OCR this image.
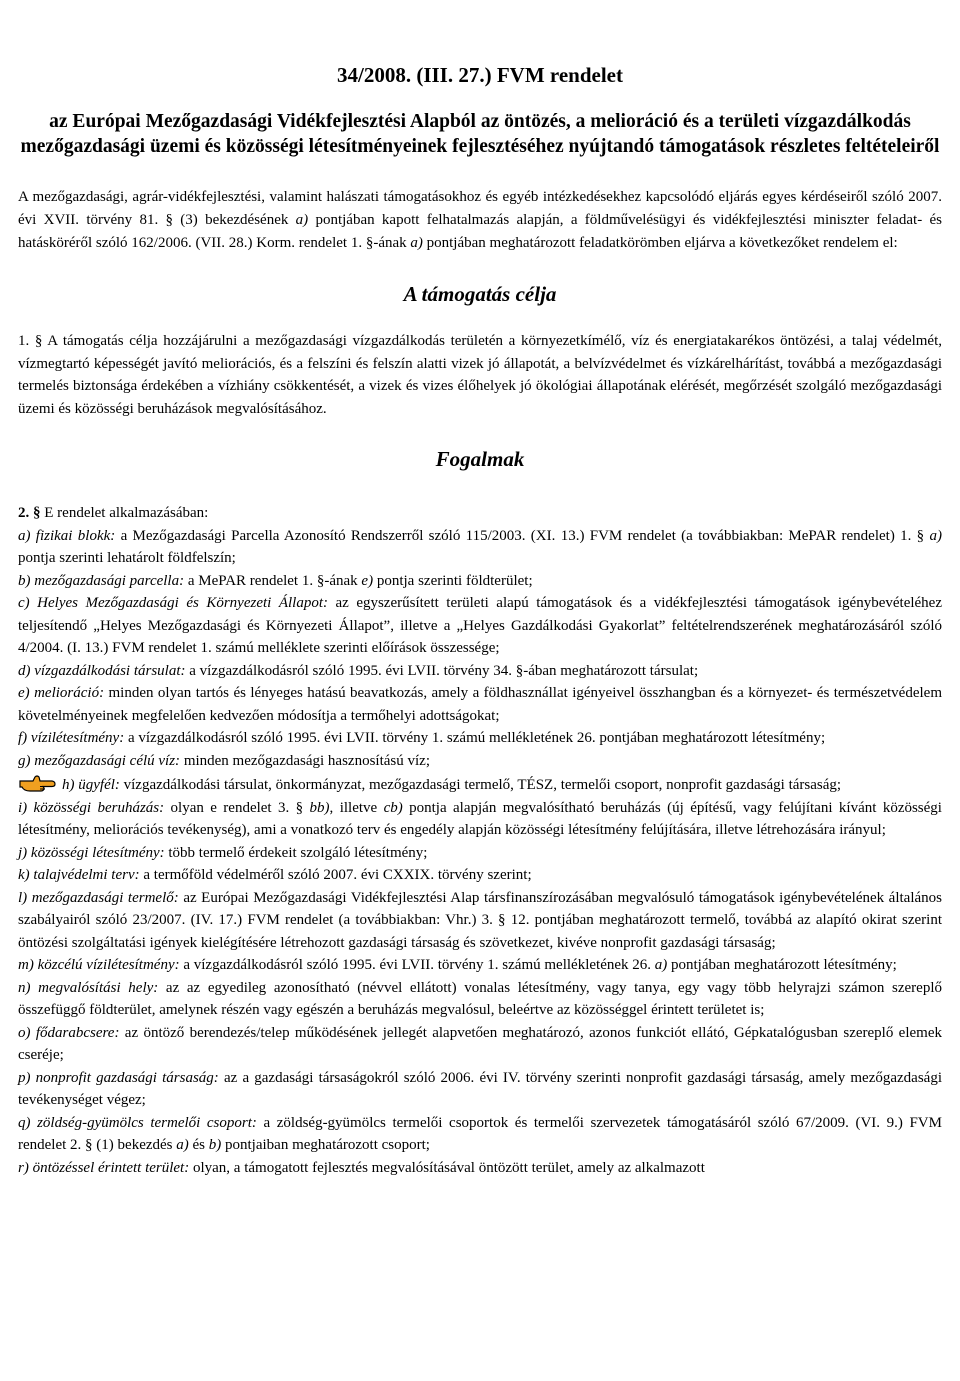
34/2008. (III. 27.) FVM rendelet
az Európai Mezőgazdasági Vidékfejlesztési Alapból az öntözés, a melioráció és a területi vízgazdálkodás mezőgazdasági üzemi és közösségi létesítményeinek fejlesztéséhez nyújtandó támogatások részletes feltételeiről

A mezőgazdasági, agrár-vidékfejlesztési, valamint halászati támogatásokhoz és egyéb intézkedésekhez kapcsolódó eljárás egyes kérdéseiről szóló 2007. évi XVII. törvény 81. § (3) bekezdésének a) pontjában kapott felhatalmazás alapján, a földművelésügyi és vidékfejlesztési miniszter feladat- és hatásköréről szóló 162/2006. (VII. 28.) Korm. rendelet 1. §-ának a) pontjában meghatározott feladatkörömben eljárva a következőket rendelem el:

A támogatás célja

1. § A támogatás célja hozzájárulni a mezőgazdasági vízgazdálkodás területén a környezetkímélő, víz és energiatakarékos öntözési, a talaj védelmét, vízmegtartó képességét javító meliorációs, és a felszíni és felszín alatti vizek jó állapotát, a belvízvédelmet és vízkárelhárítást, továbbá a mezőgazdasági termelés biztonsága érdekében a vízhiány csökkentését, a vizek és vizes élőhelyek jó ökológiai állapotának elérését, megőrzését szolgáló mezőgazdasági üzemi és közösségi beruházások megvalósításához.

Fogalmak

2. § E rendelet alkalmazásában:

a) fizikai blokk: a Mezőgazdasági Parcella Azonosító Rendszerről szóló 115/2003. (XI. 13.) FVM rendelet (a továbbiakban: MePAR rendelet) 1. § a) pontja szerinti lehatárolt földfelszín;

b) mezőgazdasági parcella: a MePAR rendelet 1. §-ának e) pontja szerinti földterület;

c) Helyes Mezőgazdasági és Környezeti Állapot: az egyszerűsített területi alapú támogatások és a vidékfejlesztési támogatások igénybevételéhez teljesítendő „Helyes Mezőgazdasági és Környezeti Állapot”, illetve a „Helyes Gazdálkodási Gyakorlat” feltételrendszerének meghatározásáról szóló 4/2004. (I. 13.) FVM rendelet 1. számú melléklete szerinti előírások összessége;

d) vízgazdálkodási társulat: a vízgazdálkodásról szóló 1995. évi LVII. törvény 34. §-ában meghatározott társulat;

e) melioráció: minden olyan tartós és lényeges hatású beavatkozás, amely a földhasznállat igényeivel összhangban és a környezet- és természetvédelem követelményeinek megfelelően kedvezően módosítja a termőhelyi adottságokat;

f) vízilétesítmény: a vízgazdálkodásról szóló 1995. évi LVII. törvény 1. számú mellékletének 26. pontjában meghatározott létesítmény;

g) mezőgazdasági célú víz: minden mezőgazdasági hasznosítású víz;

h) ügyfél: vízgazdálkodási társulat, önkormányzat, mezőgazdasági termelő, TÉSZ, termelői csoport, nonprofit gazdasági társaság;

i) közösségi beruházás: olyan e rendelet 3. § bb), illetve cb) pontja alapján megvalósítható beruházás (új építésű, vagy felújítani kívánt közösségi létesítmény, meliorációs tevékenység), ami a vonatkozó terv és engedély alapján közösségi létesítmény felújítására, illetve létrehozására irányul;

j) közösségi létesítmény: több termelő érdekeit szolgáló létesítmény;

k) talajvédelmi terv: a termőföld védelméről szóló 2007. évi CXXIX. törvény szerint;

l) mezőgazdasági termelő: az Európai Mezőgazdasági Vidékfejlesztési Alap társfinanszírozásában megvalósuló támogatások igénybevételének általános szabályairól szóló 23/2007. (IV. 17.) FVM rendelet (a továbbiakban: Vhr.) 3. § 12. pontjában meghatározott termelő, továbbá az alapító okirat szerint öntözési szolgáltatási igények kielégítésére létrehozott gazdasági társaság és szövetkezet, kivéve nonprofit gazdasági társaság;

m) közcélú vízilétesítmény: a vízgazdálkodásról szóló 1995. évi LVII. törvény 1. számú mellékletének 26. a) pontjában meghatározott létesítmény;

n) megvalósítási hely: az az egyedileg azonosítható (névvel ellátott) vonalas létesítmény, vagy tanya, egy vagy több helyrajzi számon szereplő összefüggő földterület, amelynek részén vagy egészén a beruházás megvalósul, beleértve az közösséggel érintett területet is;

o) fődarabcsere: az öntöző berendezés/telep működésének jellegét alapvetően meghatározó, azonos funkciót ellátó, Gépkatalógusban szereplő elemek cseréje;

p) nonprofit gazdasági társaság: az a gazdasági társaságokról szóló 2006. évi IV. törvény szerinti nonprofit gazdasági társaság, amely mezőgazdasági tevékenységet végez;

q) zöldség-gyümölcs termelői csoport: a zöldség-gyümölcs termelői csoportok és termelői szervezetek támogatásáról szóló 67/2009. (VI. 9.) FVM rendelet 2. § (1) bekezdés a) és b) pontjaiban meghatározott csoport;

r) öntözéssel érintett terület: olyan, a támogatott fejlesztés megvalósításával öntözött terület, amely az alkalmazott
